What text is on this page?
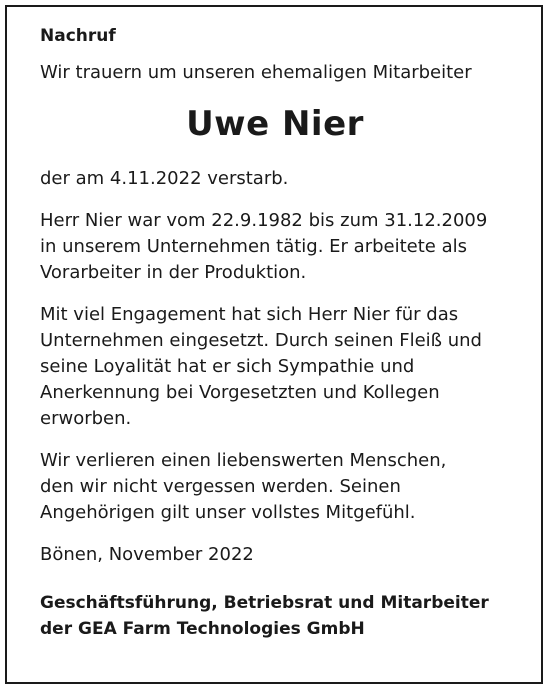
Nachruf

Wir trauern um unseren ehemaligen Mitarbeiter

Uwe Nier

der am 4.11.2022 verstarb.

Herr Nier war vom 22.9.1982 bis zum 31.12.2009

in unserem Unternehmen tätig. Er arbeitete als

Vorarbeiter in der Produktion.

Mit viel Engagement hat sich Herr Nier für das

Unternehmen eingesetzt. Durch seinen Fleiß und

seine Loyalität hat er sich Sympathie und

Anerkennung bei Vorgesetzten und Kollegen

erworben.

Wir verlieren einen liebenswerten Menschen,

den wir nicht vergessen werden. Seinen

Angehörigen gilt unser vollstes Mitgefühl.

Bönen, November 2022

Geschäftsführung, Betriebsrat und Mitarbeiter
der GEA Farm Technologies GmbH
